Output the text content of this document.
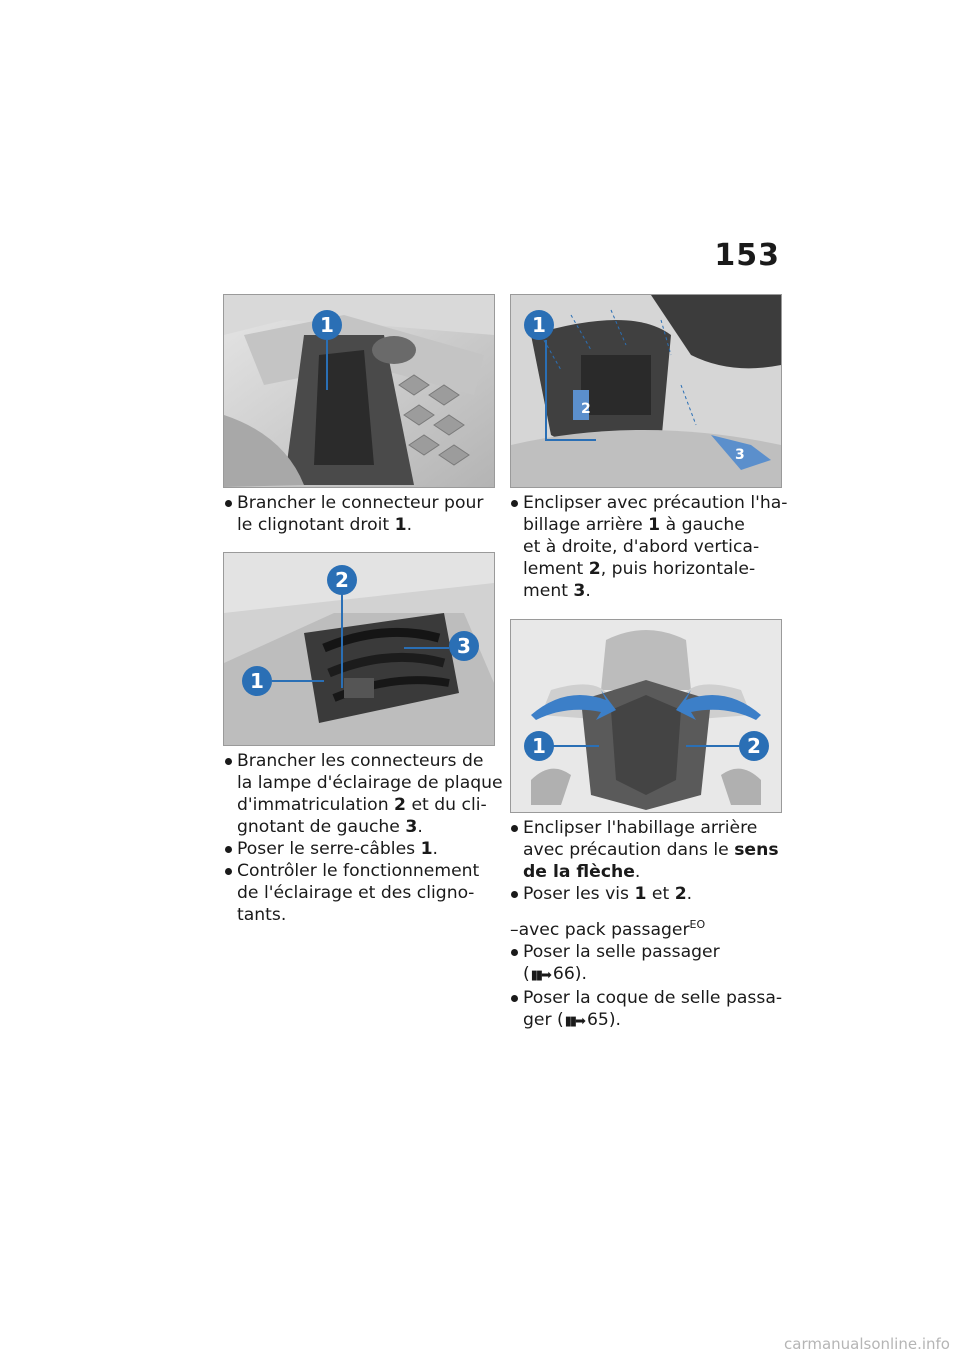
153
1
2
3
1
1
2
3
1	2
Brancher le connecteur pour
le clignotant droit 1.
Brancher les connecteurs de
la lampe d'éclairage de plaque
d'immatriculation 2 et du cli-
gnotant de gauche 3.
Poser le serre-câbles 1.
Contrôler le fonctionnement
de l'éclairage et des clignо-
tants.
Enclipser avec précaution l'ha-
billage arrière 1 à gauche
et à droite, d'abord vertica-
lement 2, puis horizontale-
ment 3.
Enclipser l'habillage arrière
avec précaution dans le sens
de la flèche.
Poser les vis 1 et 2.
–avec pack passager$^{EO}$
Poser la selle passager
(▮▮➡ 66).
Poser la coque de selle passa-
ger (▮▮➡ 65).
carmanualsonline.info
